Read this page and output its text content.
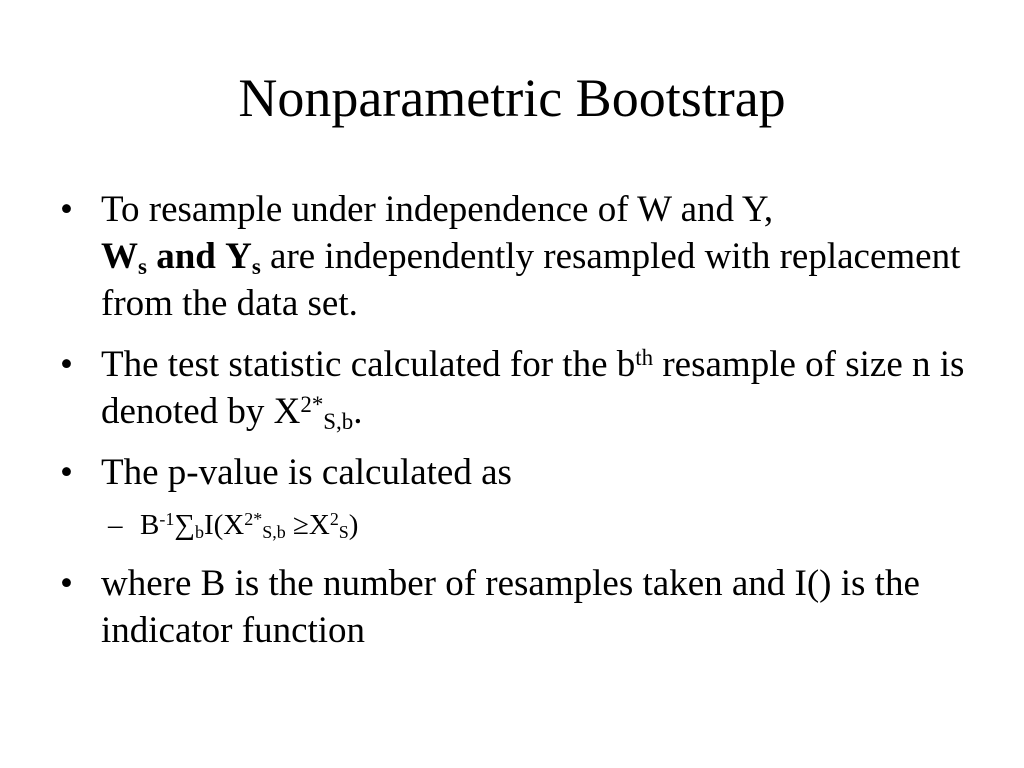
Nonparametric Bootstrap
• To resample under independence of W and Y,
$W_s$ and $Y_s$ are independently resampled with replacement from the data set.
• The test statistic calculated for the $b^{th}$ resample of size n is denoted by $X^{2*}_{S,b}$.
• The p-value is calculated as
– $B^{-1}\sum_bI(X^{2*}_{S,b} \ge X^2_S)$
• where B is the number of resamples taken and I() is the indicator function
